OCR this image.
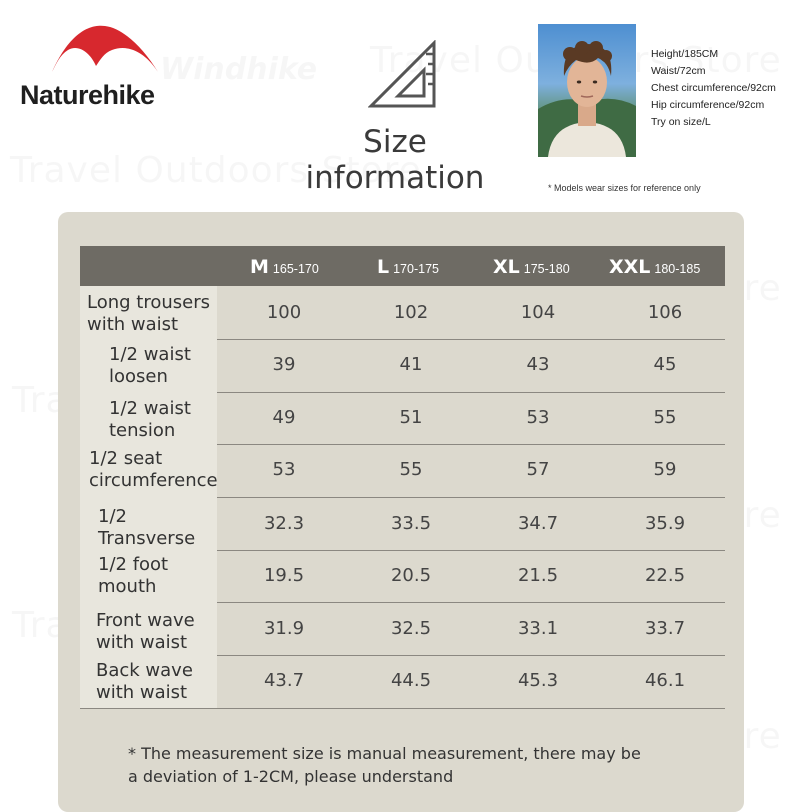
Naturehike
Size information
Height/185CM
Waist/72cm
Chest circumference/92cm
Hip circumference/92cm
Try on size/L
* Models wear sizes for reference only
M 165-170	L 170-175	XL 175-180 XXL 180-185
Long trousers
with waist
100	102	104	106
1/2 waist
loosen
39	41	43	45
1/2 waist
tension
49	51	53	55
1/2 seat
circumference
53	55	57	59
1/2
Transverse
32.3	33.5	34.7	35.9
1/2 foot
mouth
19.5	20.5	21.5	22.5
Front wave
with waist
31.9	32.5	33.1	33.7
Back wave
with waist
43.7	44.5	45.3	46.1
* The measurement size is manual measurement, there may be
a deviation of 1-2CM, please understand
